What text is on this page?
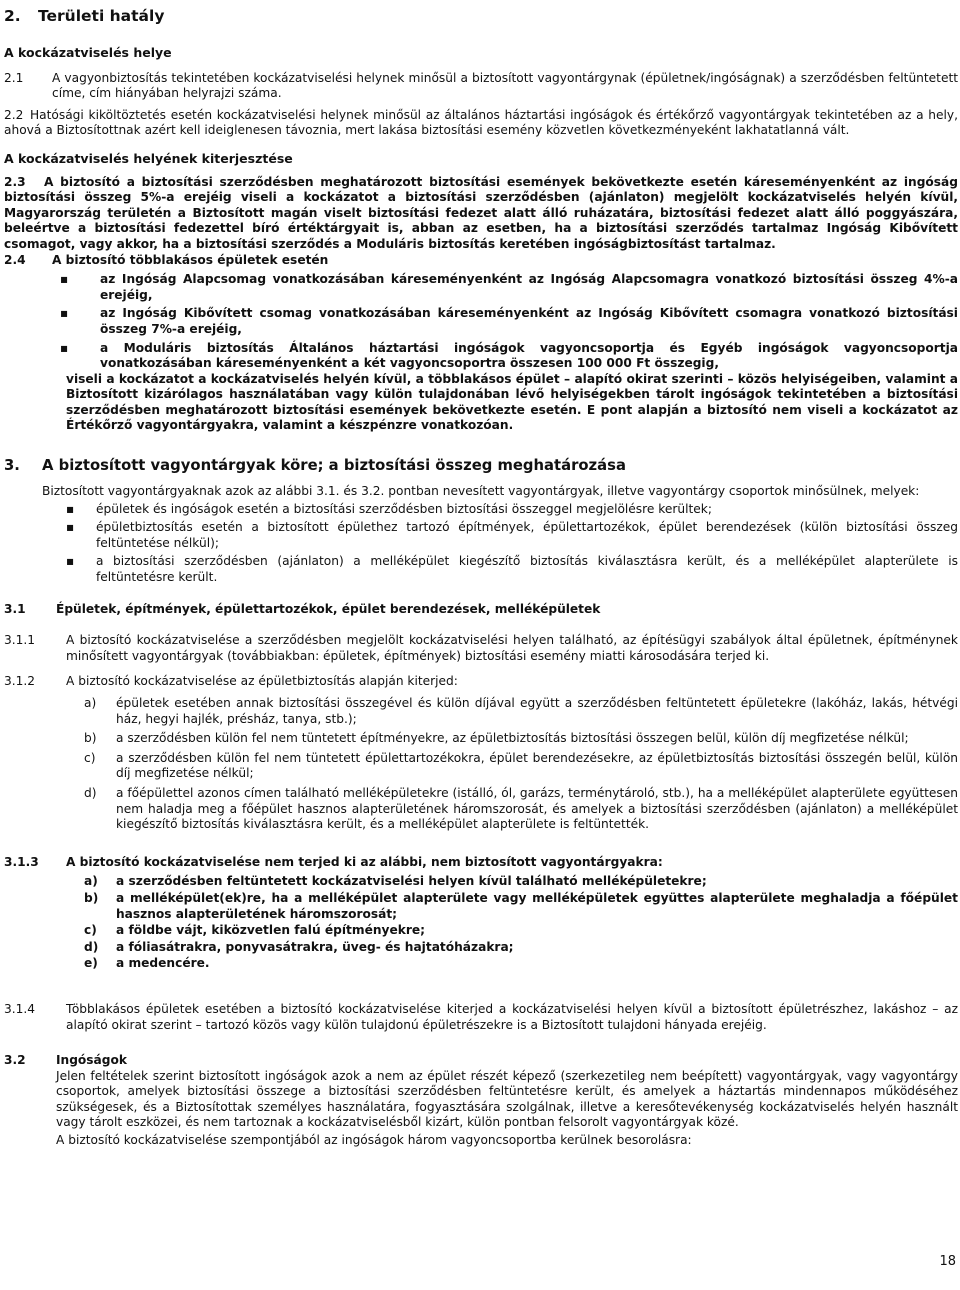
2. Területi hatály

A kockázatviselés helye

2.1 A vagyonbiztosítás tekintetében kockázatviselési helynek minősül a biztosított vagyontárgynak (épületnek/ingóságnak) a szerződésben feltüntetett címe, cím hiányában helyrajzi száma.
2.2 Hatósági kiköltöztetés esetén kockázatviselési helynek minősül az általános háztartási ingóságok és értékőrző vagyontárgyak tekintetében az a hely, ahová a Biztosítottnak azért kell ideiglenesen távoznia, mert lakása biztosítási esemény közvetlen következményeként lakhatatlanná vált.

A kockázatviselés helyének kiterjesztése

2.3	A biztosító a biztosítási szerződésben meghatározott biztosítási események bekövetkezte esetén káreseményenként az ingóság biztosítási összeg 5%-a erejéig viseli a kockázatot a biztosítási szerződésben (ajánlaton) megjelölt kockázatviselés helyén kívül, Magyarország területén a Biztosított magán viselt biztosítási fedezet alatt álló ruházatára, biztosítási fedezet alatt álló poggyászára, beleértve a biztosítási fedezettel bíró értéktárgyait is, abban az esetben, ha a biztosítási szerződés tartalmaz Ingóság Kibővített csomagot, vagy akkor, ha a biztosítási szerződés a Moduláris biztosítás keretében ingóságbiztosítást tartalmaz.
2.4 A biztosító többlakásos épületek esetén
▪	az Ingóság Alapcsomag vonatkozásában káreseményenként az Ingóság Alapcsomagra vonatkozó biztosítási összeg 4%-a erejéig,
▪	az Ingóság Kibővített csomag vonatkozásában káreseményenként az Ingóság Kibővített csomagra vonatkozó biztosítási összeg 7%-a erejéig,
▪	a Moduláris biztosítás Általános háztartási ingóságok vagyoncsoportja és Egyéb ingóságok vagyoncsoportja vonatkozásában káreseményenként a két vagyoncsoportra összesen 100 000 Ft összegig,
viseli a kockázatot a kockázatviselés helyén kívül, a többlakásos épület – alapító okirat szerinti – közös helyiségeiben, valamint a Biztosított kizárólagos használatában vagy külön tulajdonában lévő helyiségekben tárolt ingóságok tekintetében a biztosítási szerződésben meghatározott biztosítási események bekövetkezte esetén. E pont alapján a biztosító nem viseli a kockázatot az Értékőrző vagyontárgyakra, valamint a készpénzre vonatkozóan.
3. A biztosított vagyontárgyak köre; a biztosítási összeg meghatározása
Biztosított vagyontárgyaknak azok az alábbi 3.1. és 3.2. pontban nevesített vagyontárgyak, illetve vagyontárgy csoportok minősülnek, melyek:
▪ épületek és ingóságok esetén a biztosítási szerződésben biztosítási összeggel megjelölésre kerültek;
▪ épületbiztosítás esetén a biztosított épülethez tartozó építmények, épülettartozékok, épület berendezések (külön biztosítási összeg feltüntetése nélkül);
▪ a biztosítási szerződésben (ajánlaton) a melléképület kiegészítő biztosítás kiválasztásra került, és a melléképület alapterülete is feltüntetésre került.
3.1 Épületek, építmények, épülettartozékok, épület berendezések, melléképületek
3.1.1	A biztosító kockázatviselése a szerződésben megjelölt kockázatviselési helyen található, az építésügyi szabályok által épületnek, építménynek minősített vagyontárgyak (továbbiakban: épületek, építmények) biztosítási esemény miatti károsodására terjed ki.
3.1.2	A biztosító kockázatviselése az épületbiztosítás alapján kiterjed:
a) épületek esetében annak biztosítási összegével és külön díjával együtt a szerződésben feltüntetett épületekre (lakóház, lakás, hétvégi ház, hegyi hajlék, présház, tanya, stb.);
b) a szerződésben külön fel nem tüntetett építményekre, az épületbiztosítás biztosítási összegen belül, külön díj megfizetése nélkül;
c) a szerződésben külön fel nem tüntetett épülettartozékokra, épület berendezésekre, az épületbiztosítás biztosítási összegén belül, külön díj megfizetése nélkül;
d) a főépülettel azonos címen található melléképületekre (istálló, ól, garázs, terménytároló, stb.), ha a melléképület alapterülete együttesen nem haladja meg a főépület hasznos alapterületének háromszorosát, és amelyek a biztosítási szerződésben (ajánlaton) a melléképület kiegészítő biztosítás kiválasztásra került, és a melléképület alapterülete is feltüntették.
3.1.3 A biztosító kockázatviselése nem terjed ki az alábbi, nem biztosított vagyontárgyakra:
a) a szerződésben feltüntetett kockázatviselési helyen kívül található melléképületekre;
b) a melléképület(ek)re, ha a melléképület alapterülete vagy melléképületek együttes alapterülete meghaladja a főépület hasznos alapterületének háromszorosát;
c) a földbe vájt, kiközvetlen falú építményekre;
d) a fóliasátrakra, ponyvasátrakra, üveg- és hajtatóházakra;
e) a medencére.
3.1.4	Többlakásos épületek esetében a biztosító kockázatviselése kiterjed a kockázatviselési helyen kívül a biztosított épületrészhez, lakáshoz – az alapító okirat szerint – tartozó közös vagy külön tulajdonú épületrészekre is a Biztosított tulajdoni hányada erejéig.
3.2 Ingóságok
Jelen feltételek szerint biztosított ingóságok azok a nem az épület részét képező (szerkezetileg nem beépített) vagyontárgyak, vagy vagyontárgy csoportok, amelyek biztosítási összege a biztosítási szerződésben feltüntetésre került, és amelyek a háztartás mindennapos működéséhez szükségesek, és a Biztosítottak személyes használatára, fogyasztására szolgálnak, illetve a keresőtevékenység kockázatviselés helyén használt vagy tárolt eszközei, és nem tartoznak a kockázatviselésből kizárt, külön pontban felsorolt vagyontárgyak közé.
A biztosító kockázatviselése szempontjából az ingóságok három vagyoncsoportba kerülnek besorolásra:
18
